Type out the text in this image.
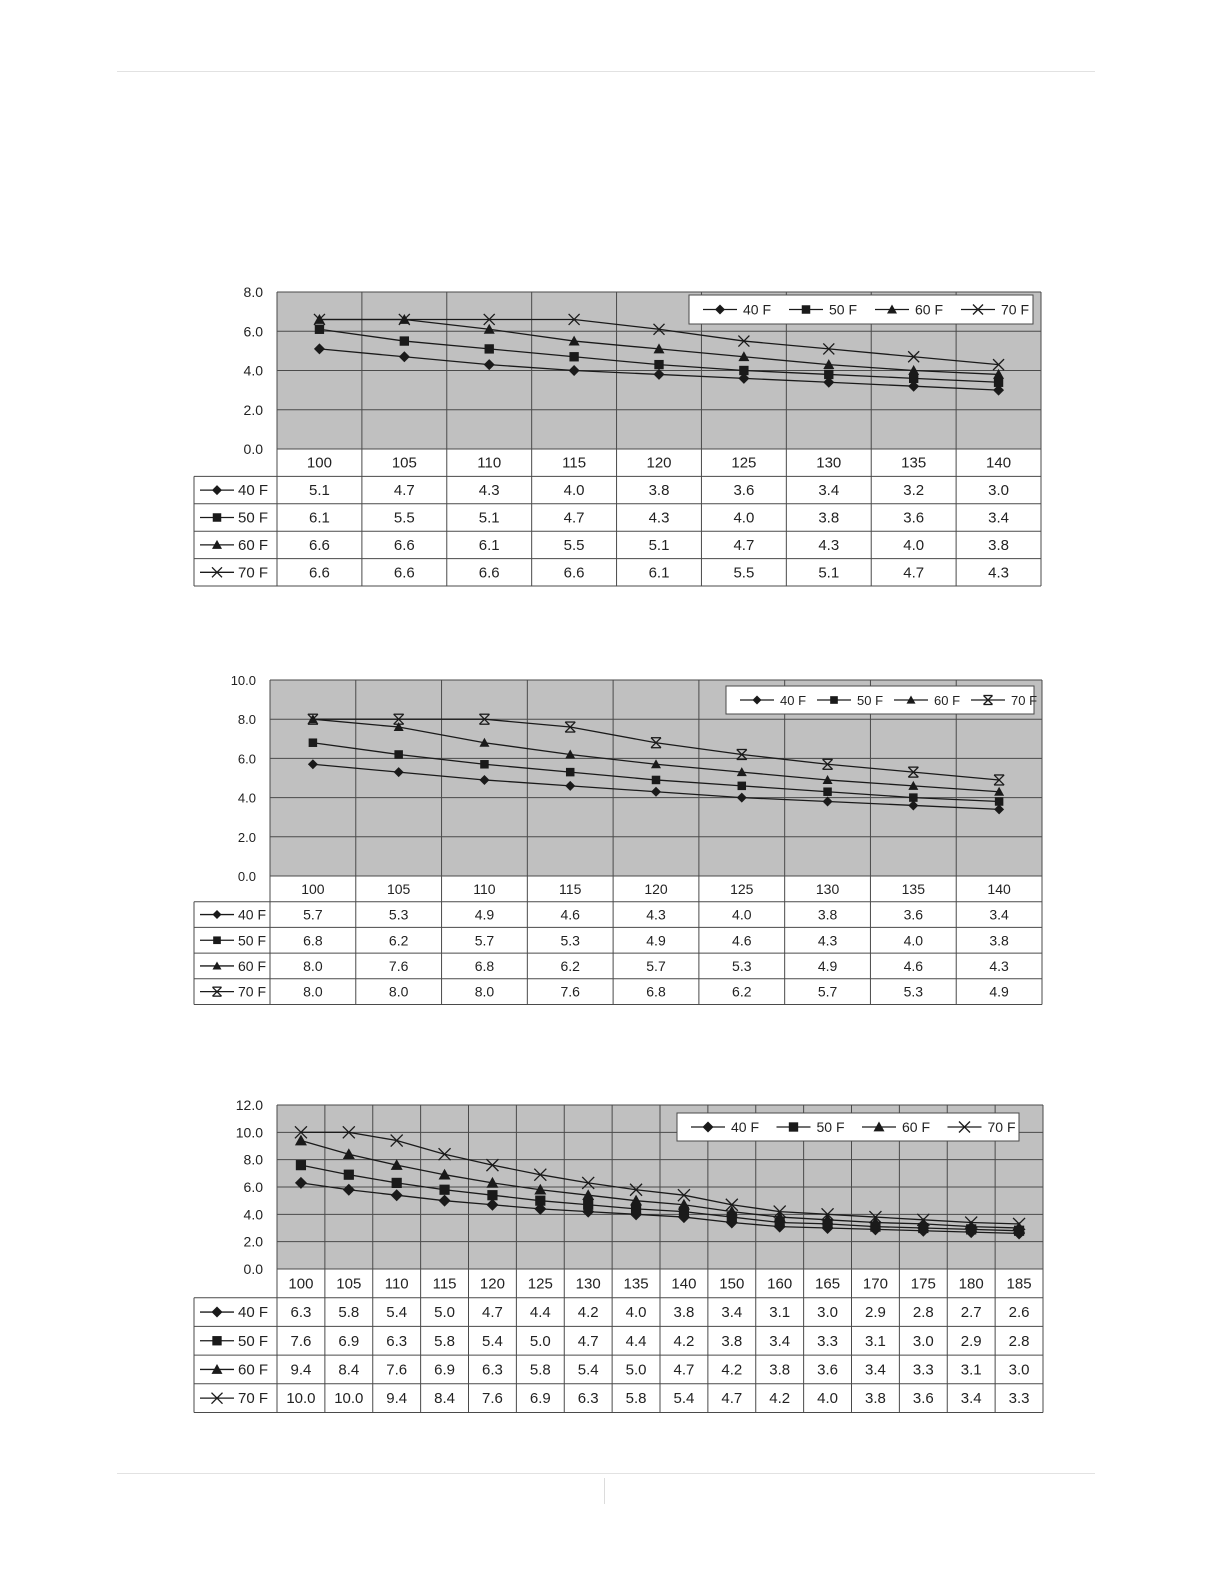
8.0
6.0
4.0
2.0
0.0
100	105	110	115	120	125	130	135	140
40 F	5.1	4.7	4.3	4.0	3.8	3.6	3.4	3.2	3.0
50 F	6.1	5.5	5.1	4.7	4.3	4.0	3.8	3.6	3.4
60 F	6.6	6.6	6.1	5.5	5.1	4.7	4.3	4.0	3.8
70 F	6.6	6.6	6.6	6.6	6.1	5.5	5.1	4.7	4.3
40 F	50 F	60 F	70 F
10.0
8.0
6.0
4.0
2.0
0.0
100	105	110	115	120	125	130	135	140
40 F	5.7	5.3	4.9	4.6	4.3	4.0	3.8	3.6	3.4
50 F	6.8	6.2	5.7	5.3	4.9	4.6	4.3	4.0	3.8
60 F	8.0	7.6	6.8	6.2	5.7	5.3	4.9	4.6	4.3
70 F	8.0	8.0	8.0	7.6	6.8	6.2	5.7	5.3	4.9
40 F	50 F	60 F	70 F
12.0
10.0
8.0
6.0
4.0
2.0
0.0
100 105 110 115 120 125 130 135 140 150 160 165 170 175 180 185
40 F 6.3 5.8 5.4 5.0 4.7 4.4 4.2 4.0 3.8 3.4 3.1 3.0 2.9 2.8 2.7 2.6
50 F 7.6 6.9 6.3 5.8 5.4 5.0 4.7 4.4 4.2 3.8 3.4 3.3 3.1 3.0 2.9 2.8
60 F 9.4 8.4 7.6 6.9 6.3 5.8 5.4 5.0 4.7 4.2 3.8 3.6 3.4 3.3 3.1 3.0
70 F 10.0 10.0 9.4 8.4 7.6 6.9 6.3 5.8 5.4 4.7 4.2 4.0 3.8 3.6 3.4 3.3
40 F	50 F	60 F	70 F
